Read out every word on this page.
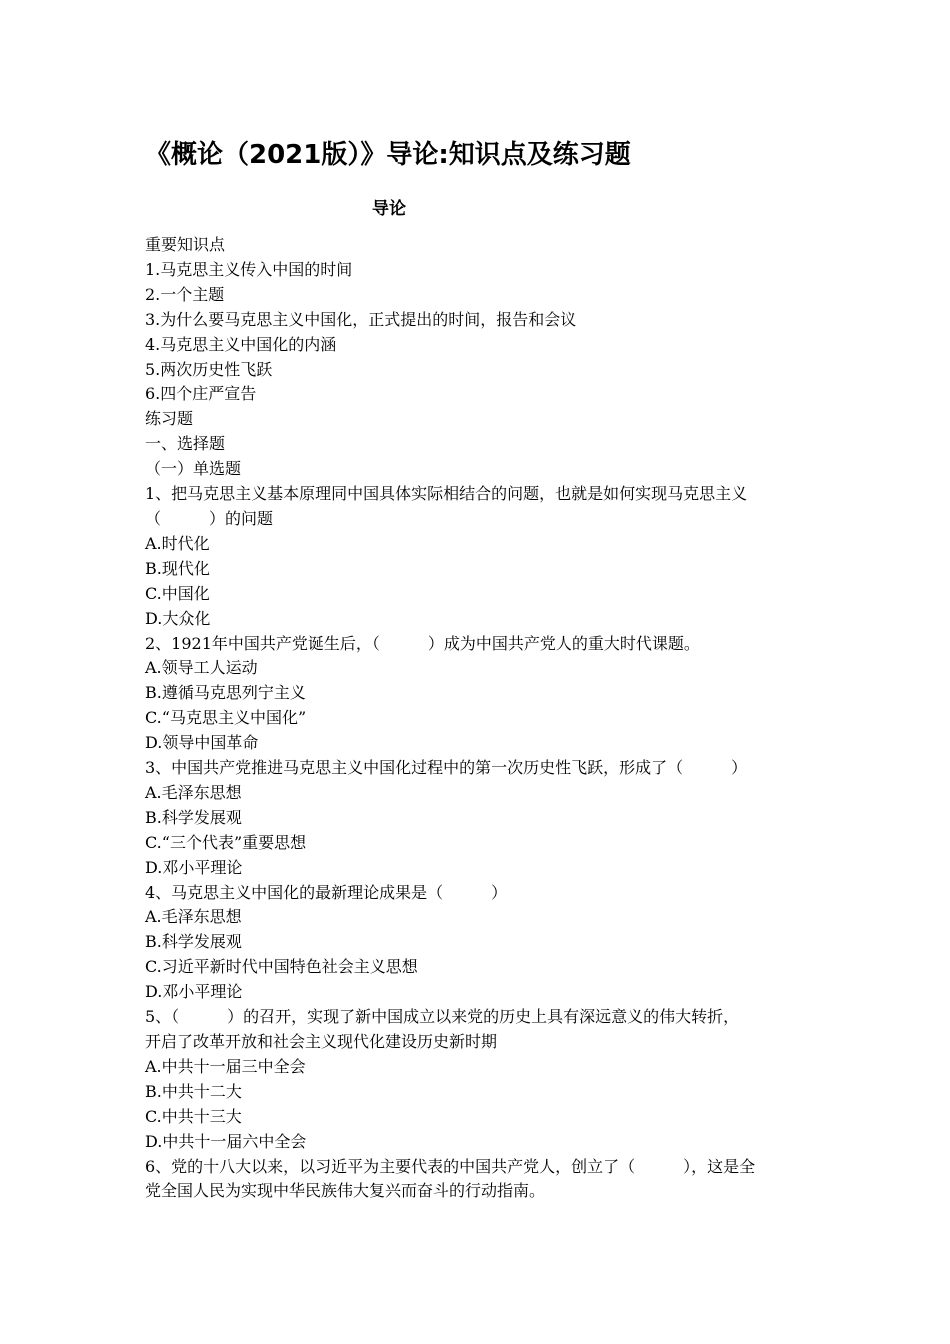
《概论（2021版）》导论:知识点及练习题
导论

重要知识点

1.马克思主义传入中国的时间

2.一个主题

3.为什么要马克思主义中国化，正式提出的时间，报告和会议

4.马克思主义中国化的内涵

5.两次历史性飞跃

6.四个庄严宣告

练习题

一、选择题

（一）单选题

1、把马克思主义基本原理同中国具体实际相结合的问题，也就是如何实现马克思主义

（　　　）的问题

A.时代化

B.现代化

C.中国化

D.大众化

2、1921年中国共产党诞生后，（　　　）成为中国共产党人的重大时代课题。

A.领导工人运动

B.遵循马克思列宁主义

C.“马克思主义中国化”

D.领导中国革命

3、中国共产党推进马克思主义中国化过程中的第一次历史性飞跃，形成了（　　　）

A.毛泽东思想

B.科学发展观

C.“三个代表”重要思想

D.邓小平理论

4、马克思主义中国化的最新理论成果是（　　　）

A.毛泽东思想

B.科学发展观

C.习近平新时代中国特色社会主义思想

D.邓小平理论

5、（　　　）的召开，实现了新中国成立以来党的历史上具有深远意义的伟大转折，

开启了改革开放和社会主义现代化建设历史新时期

A.中共十一届三中全会

B.中共十二大

C.中共十三大

D.中共十一届六中全会

6、党的十八大以来，以习近平为主要代表的中国共产党人，创立了（　　　），这是全

党全国人民为实现中华民族伟大复兴而奋斗的行动指南。
